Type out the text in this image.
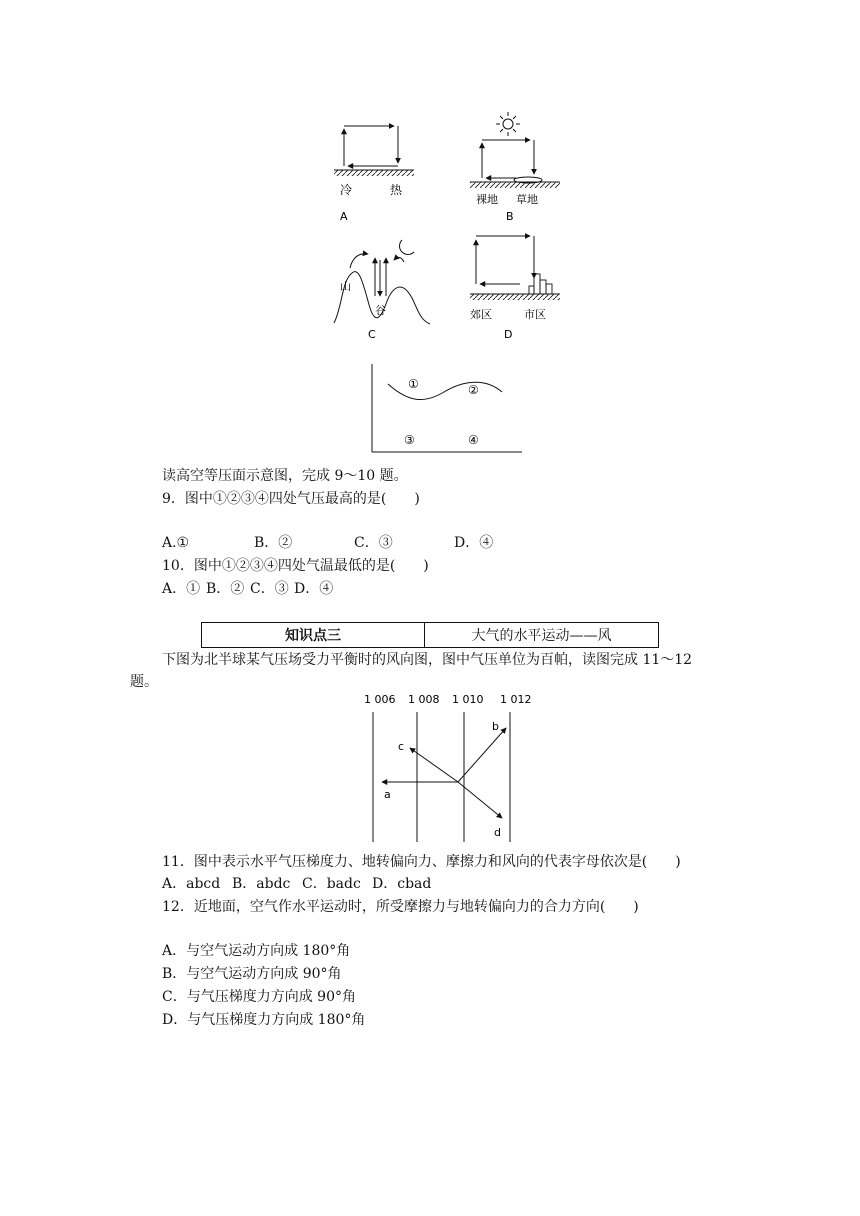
冷	热
A
裸地 草地
B
山
谷
C
郊区	市区
D
①	②
③	④
读高空等压面示意图，完成 9～10 题。
9．图中①②③④四处气压最高的是(　　)
A.①	B．②	C．③	D．④
10．图中①②③④四处气温最低的是(　　)
A．① B．② C．③ D．④
知识点三	大气的水平运动——风
下图为北半球某气压场受力平衡时的风向图，图中气压单位为百帕，读图完成 11～12
题。
1 006 1 008 1 010 1 012
a
b
c
d
11．图中表示水平气压梯度力、地转偏向力、摩擦力和风向的代表字母依次是(　　)
A．abcd B．abdc C．badc D．cbad
12．近地面，空气作水平运动时，所受摩擦力与地转偏向力的合力方向(　　)
A．与空气运动方向成 180°角
B．与空气运动方向成 90°角
C．与气压梯度力方向成 90°角
D．与气压梯度力方向成 180°角
